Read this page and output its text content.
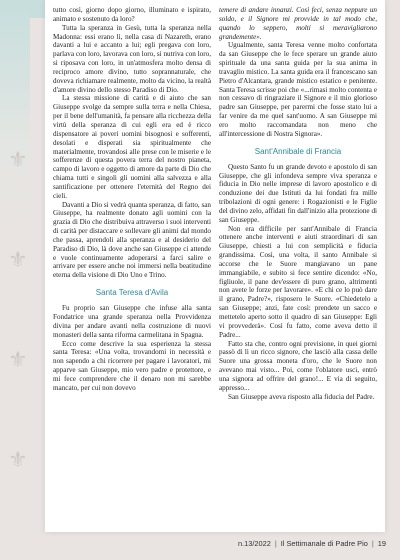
⚜
⚜
⚜
⚜

tutto così, giorno dopo giorno, illuminato e ispirato, animato e sostenuto da loro?

Tutta la speranza in Gesù, tutta la speranza nella Madonna: essi erano lì, nella casa di Nazareth, erano davanti a lui e accanto a lui; egli pregava con loro, parlava con loro, lavorava con loro, si nutriva con loro, si riposava con loro, in un'atmosfera molto densa di reciproco amore divino, tutto soprannaturale, che doveva richiamare realmente, molto da vicino, la realtà d'amore divino dello stesso Paradiso di Dio.

La stessa missione di carità e di aiuto che san Giuseppe svolge da sempre sulla terra e nella Chiesa, per il bene dell'umanità, fa pensare alla ricchezza della virtù della speranza di cui egli era ed è ricco dispensatore ai poveri uomini bisognosi e sofferenti, desolati e disperati sia spiritualmente che materialmente, trovandosi alle prese con le miserie e le sofferenze di questa povera terra del nostro pianeta, campo di lavoro e oggetto di amore da parte di Dio che chiama tutti e singoli gli uomini alla salvezza e alla santificazione per ottenere l'eternità del Regno dei cieli.

Davanti a Dio si vedrà quanta speranza, di fatto, san Giuseppe, ha realmente donato agli uomini con la grazia di Dio che distribuiva attraverso i suoi interventi di carità per distaccare e sollevare gli animi dal mondo che passa, aprendoli alla speranza e al desiderio del Paradiso di Dio, là dove anche san Giuseppe ci attende e vuole continuamente adoperarsi a farci salire e arrivare per essere anche noi immersi nella beatitudine eterna della visione di Dio Uno e Trino.

Santa Teresa d'Avila

Fu proprio san Giuseppe che infuse alla santa Fondatrice una grande speranza nella Provvidenza divina per andare avanti nella costruzione di nuovi monasteri della santa riforma carmelitana in Spagna.

Ecco come descrive la sua esperienza la stessa santa Teresa: «Una volta, trovandomi in necessità e non sapendo a chi ricorrere per pagare i lavoratori, mi apparve san Giuseppe, mio vero padre e protettore, e mi fece comprendere che il denaro non mi sarebbe mancato, per cui non dovevo

temere di andare innanzi. Così feci, senza neppure un soldo, e il Signore mi provvide in tal modo che, quando lo seppero, molti si meravigliarono grandemente».

Ugualmente, santa Teresa venne molto confortata da san Giuseppe che le fece sperare un grande aiuto spirituale da una santa guida per la sua anima in travaglio mistico. La santa guida era il francescano san Pietro d'Alcantara, grande mistico estatico e penitente. Santa Teresa scrisse poi che «...rimasi molto contenta e non cessavo di ringraziare il Signore e il mio glorioso padre san Giuseppe, per parermi che fosse stato lui a far venire da me quel sant'uomo. A san Giuseppe mi ero molto raccomandata non meno che all'intercessione di Nostra Signora».

Sant'Annibale di Francia

Questo Santo fu un grande devoto e apostolo di san Giuseppe, che gli infondeva sempre viva speranza e fiducia in Dio nelle imprese di lavoro apostolico e di conduzione dei due Istituti da lui fondati fra mille tribolazioni di ogni genere: i Rogazionisti e le Figlie del divino zelo, affidati fin dall'inizio alla protezione di san Giuseppe.

Non era difficile per sant'Annibale di Francia ottenere anche interventi e aiuti straordinari di san Giuseppe, chiesti a lui con semplicità e fiducia grandissima. Così, una volta, il santo Annibale si accorse che le Suore mangiavano un pane immangiabile, e subito si fece sentire dicendo: «No, figliuole, il pane dev'essere di puro grano, altrimenti non avete le forze per lavorare». «E chi ce lo può dare il grano, Padre?», risposero le Suore. «Chiedetelo a san Giuseppe; anzi, fate così: prendete un sacco e mettetelo aperto sotto il quadro di san Giuseppe: Egli vi provvederà». Così fu fatto, come aveva detto il Padre...

Fatto sta che, contro ogni previsione, in quei giorni passò di lì un ricco signore, che lasciò alla cassa delle Suore una grossa moneta d'oro, che le Suore non avevano mai visto... Poi, come l'oblatore usci, entrò una signora ad offrire del grano!... E via di seguito, appresso...

San Giuseppe aveva risposto alla fiducia del Padre.

n.13/2022 | Il Settimanale di Padre Pio | 19
